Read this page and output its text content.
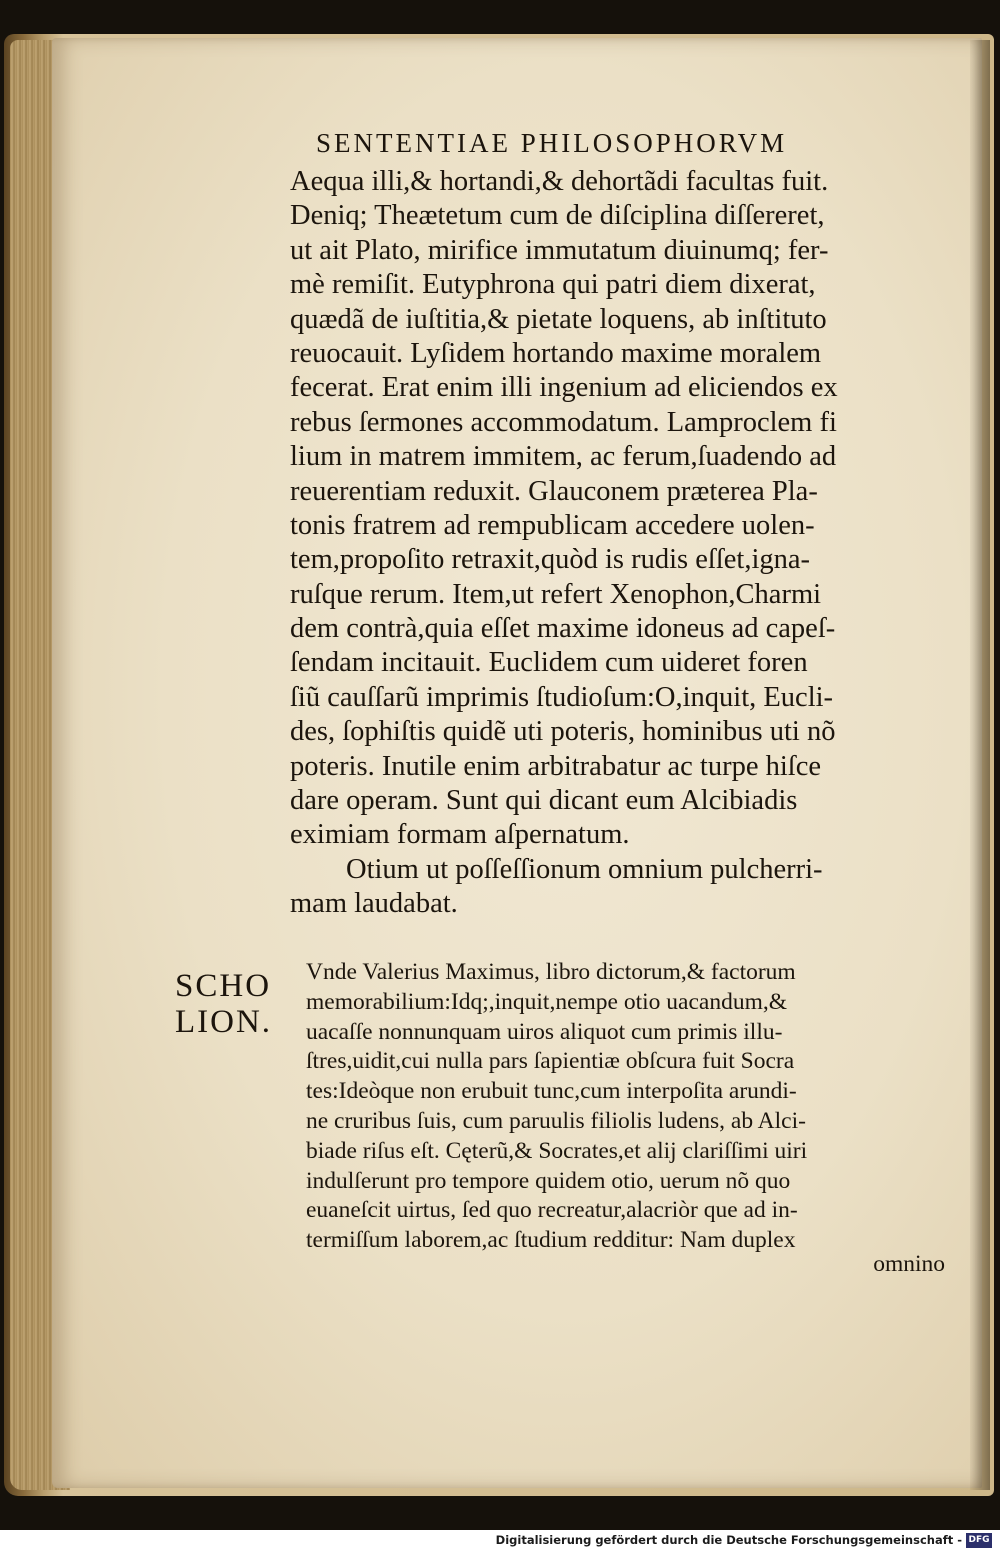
SENTENTIAE PHILOSOPHORVM
Aequa illi,& hortandi,& dehortãdi facultas fuit.
Deniq; Theætetum cum de diſciplina diſſereret,
ut ait Plato, mirifice immutatum diuinumq; fer-
mè remiſit. Eutyphrona qui patri diem dixerat,
quædã de iuſtitia,& pietate loquens, ab inſtituto
reuocauit. Lyſidem hortando maxime moralem
fecerat. Erat enim illi ingenium ad eliciendos ex
rebus ſermones accommodatum. Lamproclem fi
lium in matrem immitem, ac ferum,ſuadendo ad
reuerentiam reduxit. Glauconem præterea Pla-
tonis fratrem ad rempublicam accedere uolen-
tem,propoſito retraxit,quòd is rudis eſſet,igna-
ruſque rerum. Item,ut refert Xenophon,Charmi
dem contrà,quia eſſet maxime idoneus ad capeſ-
ſendam incitauit. Euclidem cum uideret foren
ſiũ cauſſarũ imprimis ſtudioſum:O,inquit, Eucli-
des, ſophiſtis quidẽ uti poteris, hominibus uti nõ
poteris. Inutile enim arbitrabatur ac turpe hiſce
dare operam. Sunt qui dicant eum Alcibiadis
eximiam formam aſpernatum.
Otium ut poſſeſſionum omnium pulcherri-
mam laudabat.
SCHO
LION.
Vnde Valerius Maximus, libro dictorum,& factorum
memorabilium:Idq;,inquit,nempe otio uacandum,&
uacaſſe nonnunquam uiros aliquot cum primis illu-
ſtres,uidit,cui nulla pars ſapientiæ obſcura fuit Socra
tes:Ideòque non erubuit tunc,cum interpoſita arundi-
ne cruribus ſuis, cum paruulis filiolis ludens, ab Alci-
biade riſus eſt. Cęterũ,& Socrates,et alĳ clariſſimi uiri
indulſerunt pro tempore quidem otio, uerum nõ quo
euaneſcit uirtus, ſed quo recreatur,alacriòr que ad in-
termiſſum laborem,ac ſtudium redditur: Nam duplex
omnino
Digitalisierung gefördert durch die Deutsche Forschungsgemeinschaft - DFG
